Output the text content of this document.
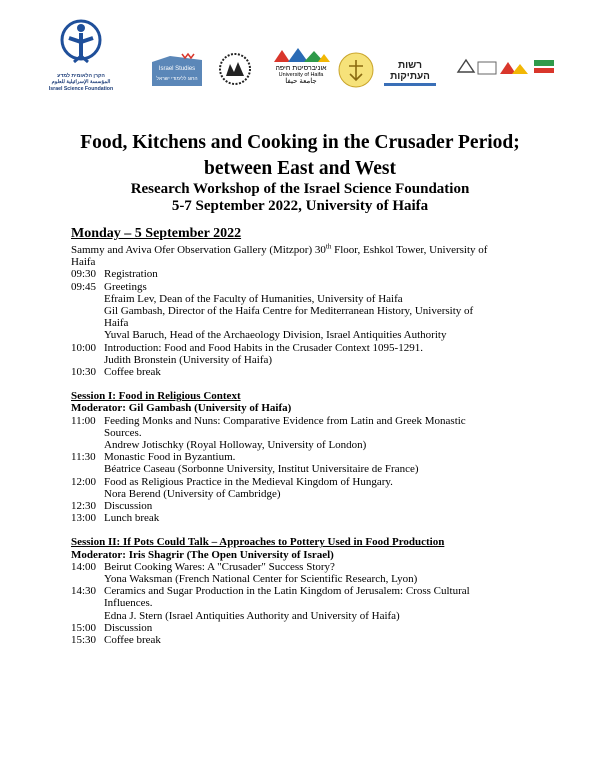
הקרן הלאומית למדע
المؤسسة الإسرائيلية للعلوم
Israel Science Foundation
Israel Studies
החוג ללימודי ישראל
אוניברסיטת חיפה
University of Haifa
جامعة حيفا
רשות העתיקות
Food, Kitchens and Cooking in the Crusader Period;
between East and West
Research Workshop of the Israel Science Foundation
5-7 September 2022, University of Haifa
Monday – 5 September 2022
Sammy and Aviva Ofer Observation Gallery (Mitzpor) 30th Floor, Eshkol Tower, University of
Haifa
09:30 Registration
09:45 Greetings
Efraim Lev, Dean of the Faculty of Humanities, University of Haifa
Gil Gambash, Director of the Haifa Centre for Mediterranean History, University of
Haifa
Yuval Baruch, Head of the Archaeology Division, Israel Antiquities Authority
10:00 Introduction: Food and Food Habits in the Crusader Context 1095-1291.
Judith Bronstein (University of Haifa)
10:30 Coffee break
Session I: Food in Religious Context
Moderator: Gil Gambash (University of Haifa)
11:00 Feeding Monks and Nuns: Comparative Evidence from Latin and Greek Monastic
Sources.
Andrew Jotischky (Royal Holloway, University of London)
11:30 Monastic Food in Byzantium.
Béatrice Caseau (Sorbonne University, Institut Universitaire de France)
12:00 Food as Religious Practice in the Medieval Kingdom of Hungary.
Nora Berend (University of Cambridge)
12:30 Discussion
13:00 Lunch break
Session II: If Pots Could Talk – Approaches to Pottery Used in Food Production
Moderator: Iris Shagrir (The Open University of Israel)
14:00 Beirut Cooking Wares: A "Crusader" Success Story?
Yona Waksman (French National Center for Scientific Research, Lyon)
14:30 Ceramics and Sugar Production in the Latin Kingdom of Jerusalem: Cross Cultural
Influences.
Edna J. Stern (Israel Antiquities Authority and University of Haifa)
15:00 Discussion
15:30 Coffee break
